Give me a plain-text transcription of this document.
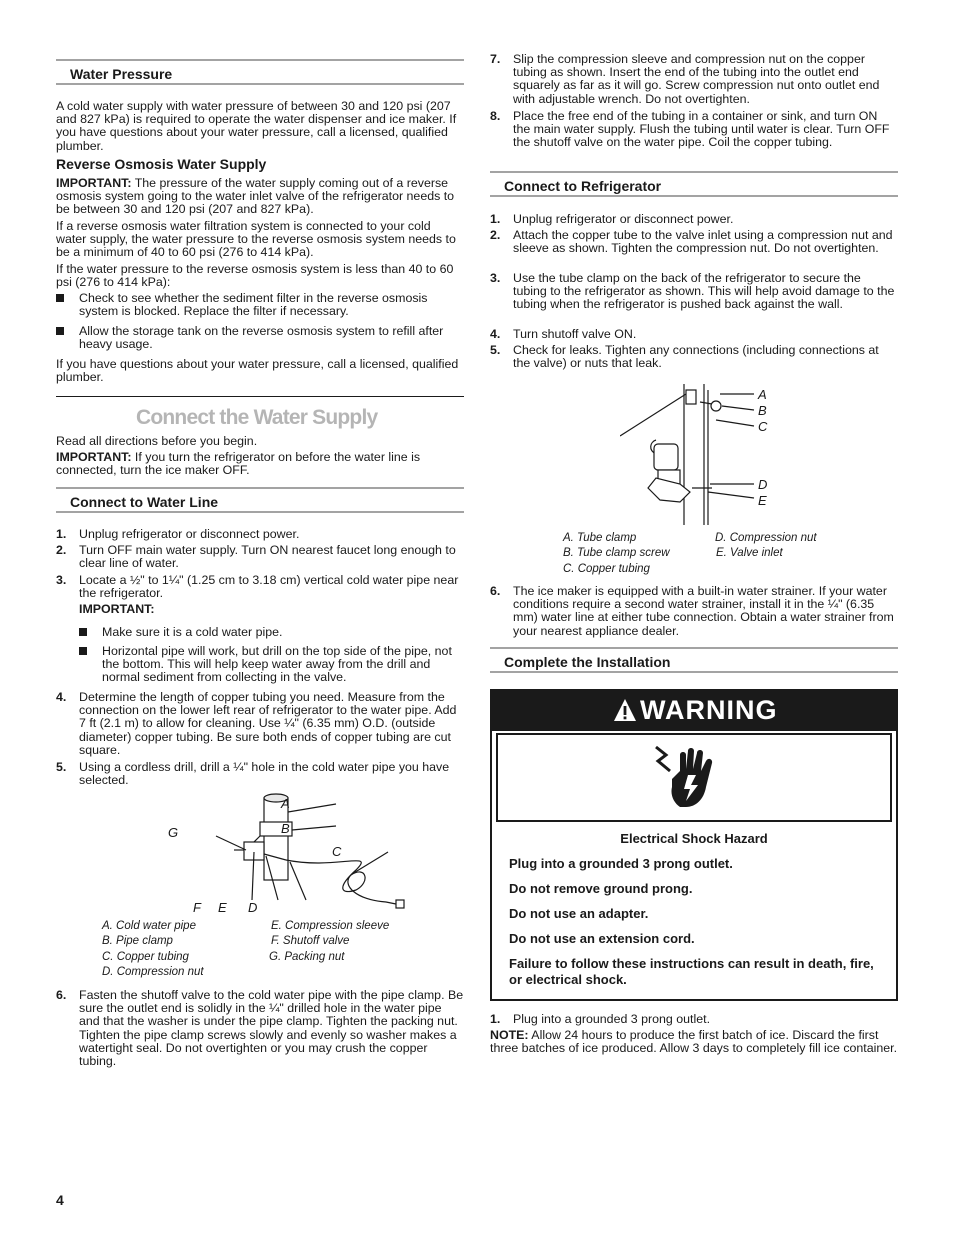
Water Pressure

A cold water supply with water pressure of between 30 and 120 psi (207 and 827 kPa) is required to operate the water dispenser and ice maker. If you have questions about your water pressure, call a licensed, qualified plumber.

Reverse Osmosis Water Supply

IMPORTANT: The pressure of the water supply coming out of a reverse osmosis system going to the water inlet valve of the refrigerator needs to be between 30 and 120 psi (207 and 827 kPa).

If a reverse osmosis water filtration system is connected to your cold water supply, the water pressure to the reverse osmosis system needs to be a minimum of 40 to 60 psi (276 to 414 kPa).

If the water pressure to the reverse osmosis system is less than 40 to 60 psi (276 to 414 kPa):

Check to see whether the sediment filter in the reverse osmosis system is blocked. Replace the filter if necessary.
Allow the storage tank on the reverse osmosis system to refill after heavy usage.

If you have questions about your water pressure, call a licensed, qualified plumber.

Connect the Water Supply

Read all directions before you begin.

IMPORTANT: If you turn the refrigerator on before the water line is connected, turn the ice maker OFF.

Connect to Water Line
1. Unplug refrigerator or disconnect power.
2. Turn OFF main water supply. Turn ON nearest faucet long enough to clear line of water.
3. Locate a ½" to 1¼" (1.25 cm to 3.18 cm) vertical cold water pipe near the refrigerator.
IMPORTANT:
Make sure it is a cold water pipe.
Horizontal pipe will work, but drill on the top side of the pipe, not the bottom. This will help keep water away from the drill and normal sediment from collecting in the valve.
4. Determine the length of copper tubing you need. Measure from the connection on the lower left rear of refrigerator to the water pipe. Add 7 ft (2.1 m) to allow for cleaning. Use ¼" (6.35 mm) O.D. (outside diameter) copper tubing. Be sure both ends of copper tubing are cut square.
5. Using a cordless drill, drill a ¼" hole in the cold water pipe you have selected.
A
B
C
G
F E D
A. Cold water pipe
B. Pipe clamp
C. Copper tubing
D. Compression nut
E. Compression sleeve
F. Shutoff valve
G. Packing nut
6. Fasten the shutoff valve to the cold water pipe with the pipe clamp. Be sure the outlet end is solidly in the ¼" drilled hole in the water pipe and that the washer is under the pipe clamp. Tighten the packing nut. Tighten the pipe clamp screws slowly and evenly so washer makes a watertight seal. Do not overtighten or you may crush the copper tubing.
7. Slip the compression sleeve and compression nut on the copper tubing as shown. Insert the end of the tubing into the outlet end squarely as far as it will go. Screw compression nut onto outlet end with adjustable wrench. Do not overtighten.
8. Place the free end of the tubing in a container or sink, and turn ON the main water supply. Flush the tubing until water is clear. Turn OFF the shutoff valve on the water pipe. Coil the copper tubing.
Connect to Refrigerator
1. Unplug refrigerator or disconnect power.
2. Attach the copper tube to the valve inlet using a compression nut and sleeve as shown. Tighten the compression nut. Do not overtighten.
3. Use the tube clamp on the back of the refrigerator to secure the tubing to the refrigerator as shown. This will help avoid damage to the tubing when the refrigerator is pushed back against the wall.
4. Turn shutoff valve ON.
5. Check for leaks. Tighten any connections (including connections at the valve) or nuts that leak.
A
B
C
D
E
A. Tube clamp
B. Tube clamp screw
C. Copper tubing
D. Compression nut
E. Valve inlet
6. The ice maker is equipped with a built-in water strainer. If your water conditions require a second water strainer, install it in the ¼" (6.35 mm) water line at either tube connection. Obtain a water strainer from your nearest appliance dealer.
Complete the Installation
WARNING
Electrical Shock Hazard
Plug into a grounded 3 prong outlet.
Do not remove ground prong.
Do not use an adapter.
Do not use an extension cord.
Failure to follow these instructions can result in death, fire, or electrical shock.
1. Plug into a grounded 3 prong outlet.

NOTE: Allow 24 hours to produce the first batch of ice. Discard the first three batches of ice produced. Allow 3 days to completely fill ice container.

4
